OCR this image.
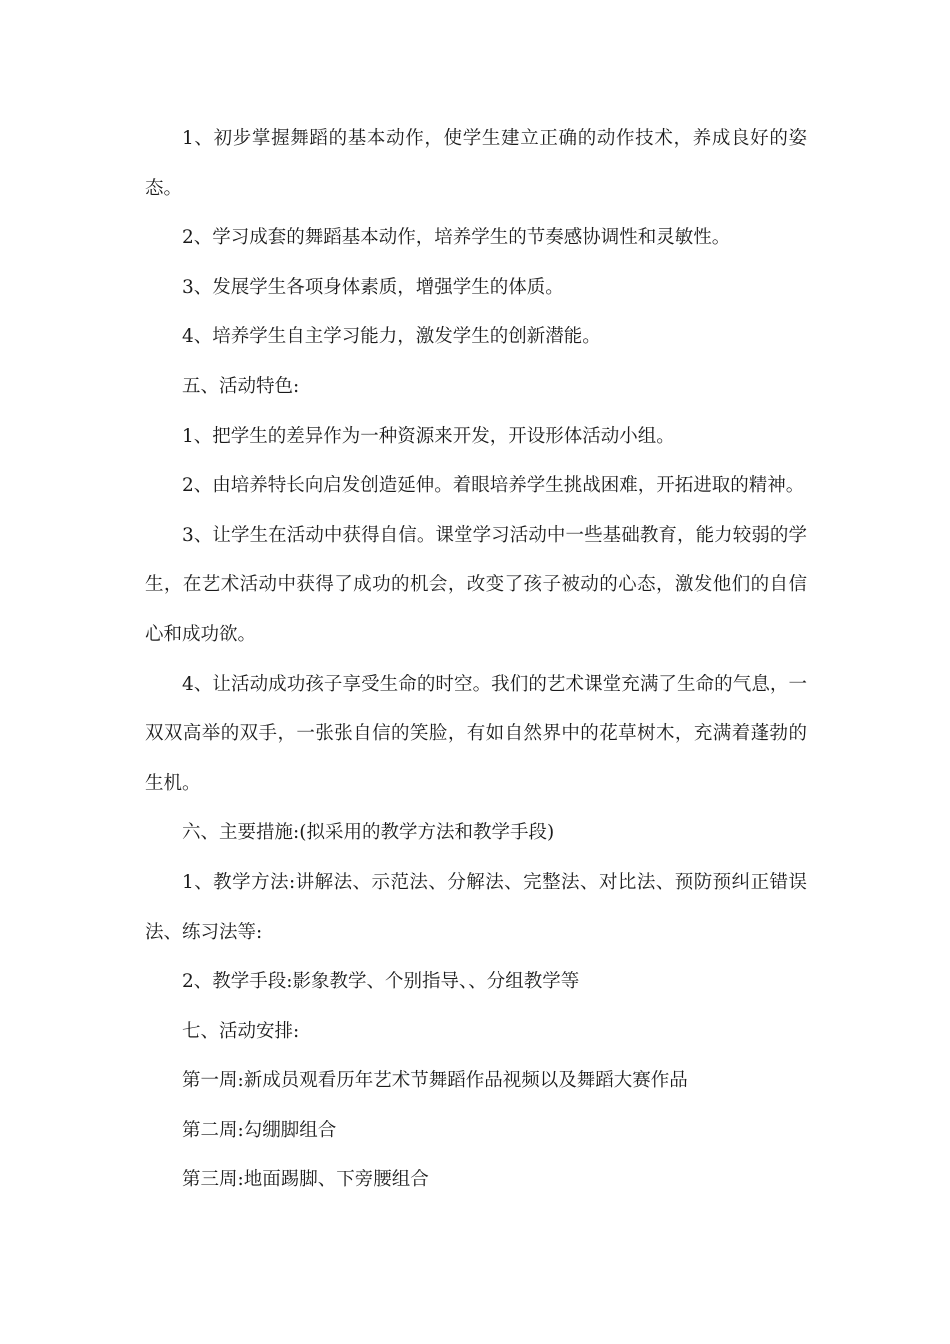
1、初步掌握舞蹈的基本动作，使学生建立正确的动作技术，养成良好的姿态。

2、学习成套的舞蹈基本动作，培养学生的节奏感协调性和灵敏性。

3、发展学生各项身体素质，增强学生的体质。

4、培养学生自主学习能力，激发学生的创新潜能。

五、活动特色:

1、把学生的差异作为一种资源来开发，开设形体活动小组。

2、由培养特长向启发创造延伸。着眼培养学生挑战困难，开拓进取的精神。

3、让学生在活动中获得自信。课堂学习活动中一些基础教育，能力较弱的学生，在艺术活动中获得了成功的机会，改变了孩子被动的心态，激发他们的自信心和成功欲。

4、让活动成功孩子享受生命的时空。我们的艺术课堂充满了生命的气息，一双双高举的双手，一张张自信的笑脸，有如自然界中的花草树木，充满着蓬勃的生机。

六、主要措施:(拟采用的教学方法和教学手段)

1、教学方法:讲解法、示范法、分解法、完整法、对比法、预防预纠正错误法、练习法等:

2、教学手段:影象教学、个别指导、、分组教学等

七、活动安排:

第一周:新成员观看历年艺术节舞蹈作品视频以及舞蹈大赛作品

第二周:勾绷脚组合

第三周:地面踢脚、下旁腰组合
